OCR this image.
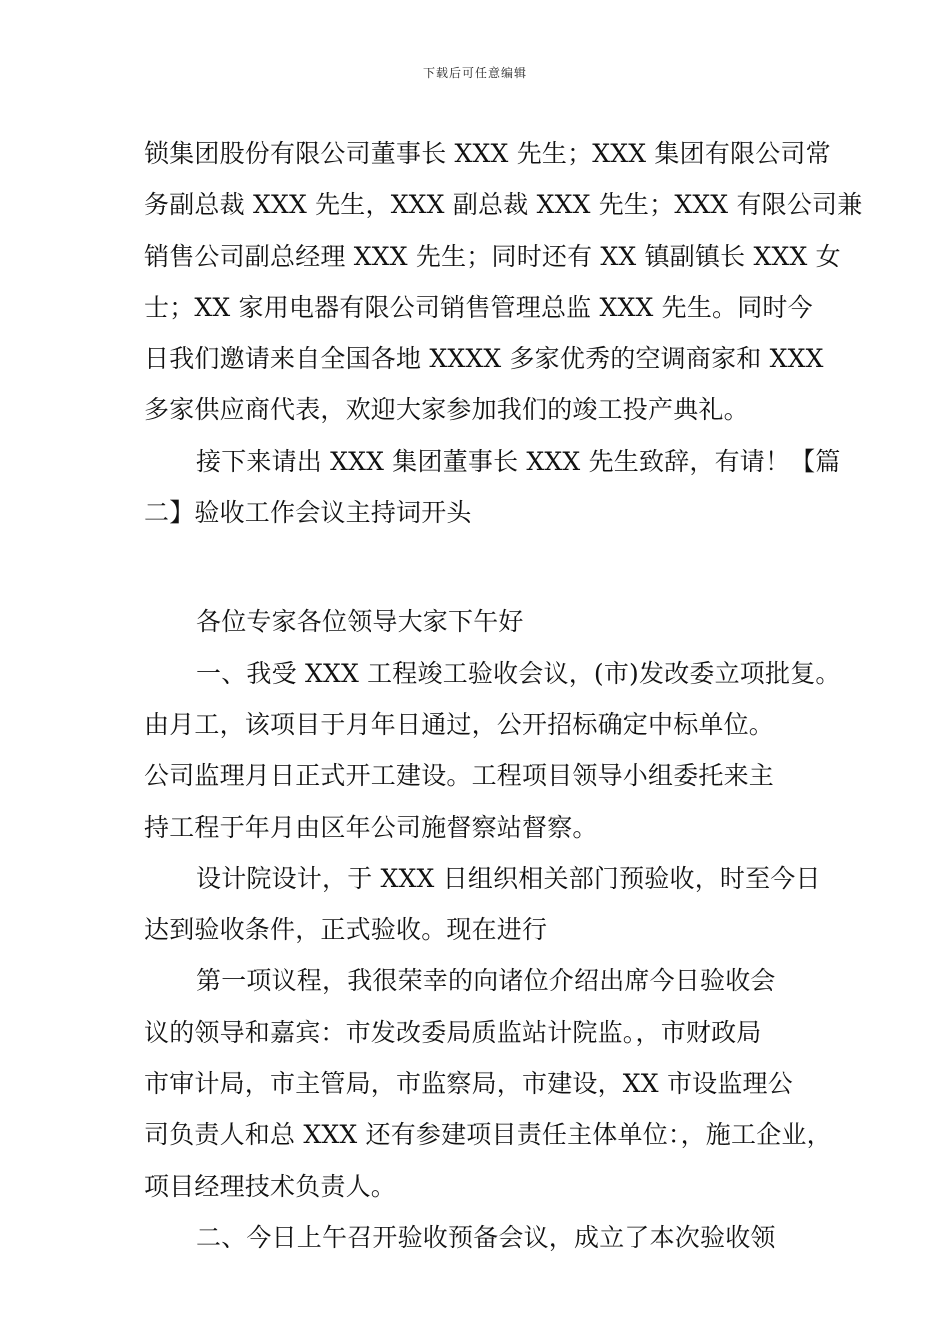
下载后可任意编辑
锁集团股份有限公司董事长 XXX 先生；XXX 集团有限公司常
务副总裁 XXX 先生，XXX 副总裁 XXX 先生；XXX 有限公司兼
销售公司副总经理 XXX 先生；同时还有 XX 镇副镇长 XXX 女
士；XX 家用电器有限公司销售管理总监 XXX 先生。同时今
日我们邀请来自全国各地 XXXX 多家优秀的空调商家和 XXX
多家供应商代表，欢迎大家参加我们的竣工投产典礼。
接下来请出 XXX 集团董事长 XXX 先生致辞，有请！【篇
二】验收工作会议主持词开头
各位专家各位领导大家下午好
一、我受 XXX 工程竣工验收会议，(市)发改委立项批复。
由月工，该项目于月年日通过，公开招标确定中标单位。
公司监理月日正式开工建设。工程项目领导小组委托来主
持工程于年月由区年公司施督察站督察。
设计院设计，于 XXX 日组织相关部门预验收，时至今日
达到验收条件，正式验收。现在进行
第一项议程，我很荣幸的向诸位介绍出席今日验收会
议的领导和嘉宾：市发改委局质监站计院监。，市财政局
市审计局，市主管局，市监察局，市建设，XX 市设监理公
司负责人和总 XXX 还有参建项目责任主体单位：，施工企业，
项目经理技术负责人。
二、今日上午召开验收预备会议，成立了本次验收领
